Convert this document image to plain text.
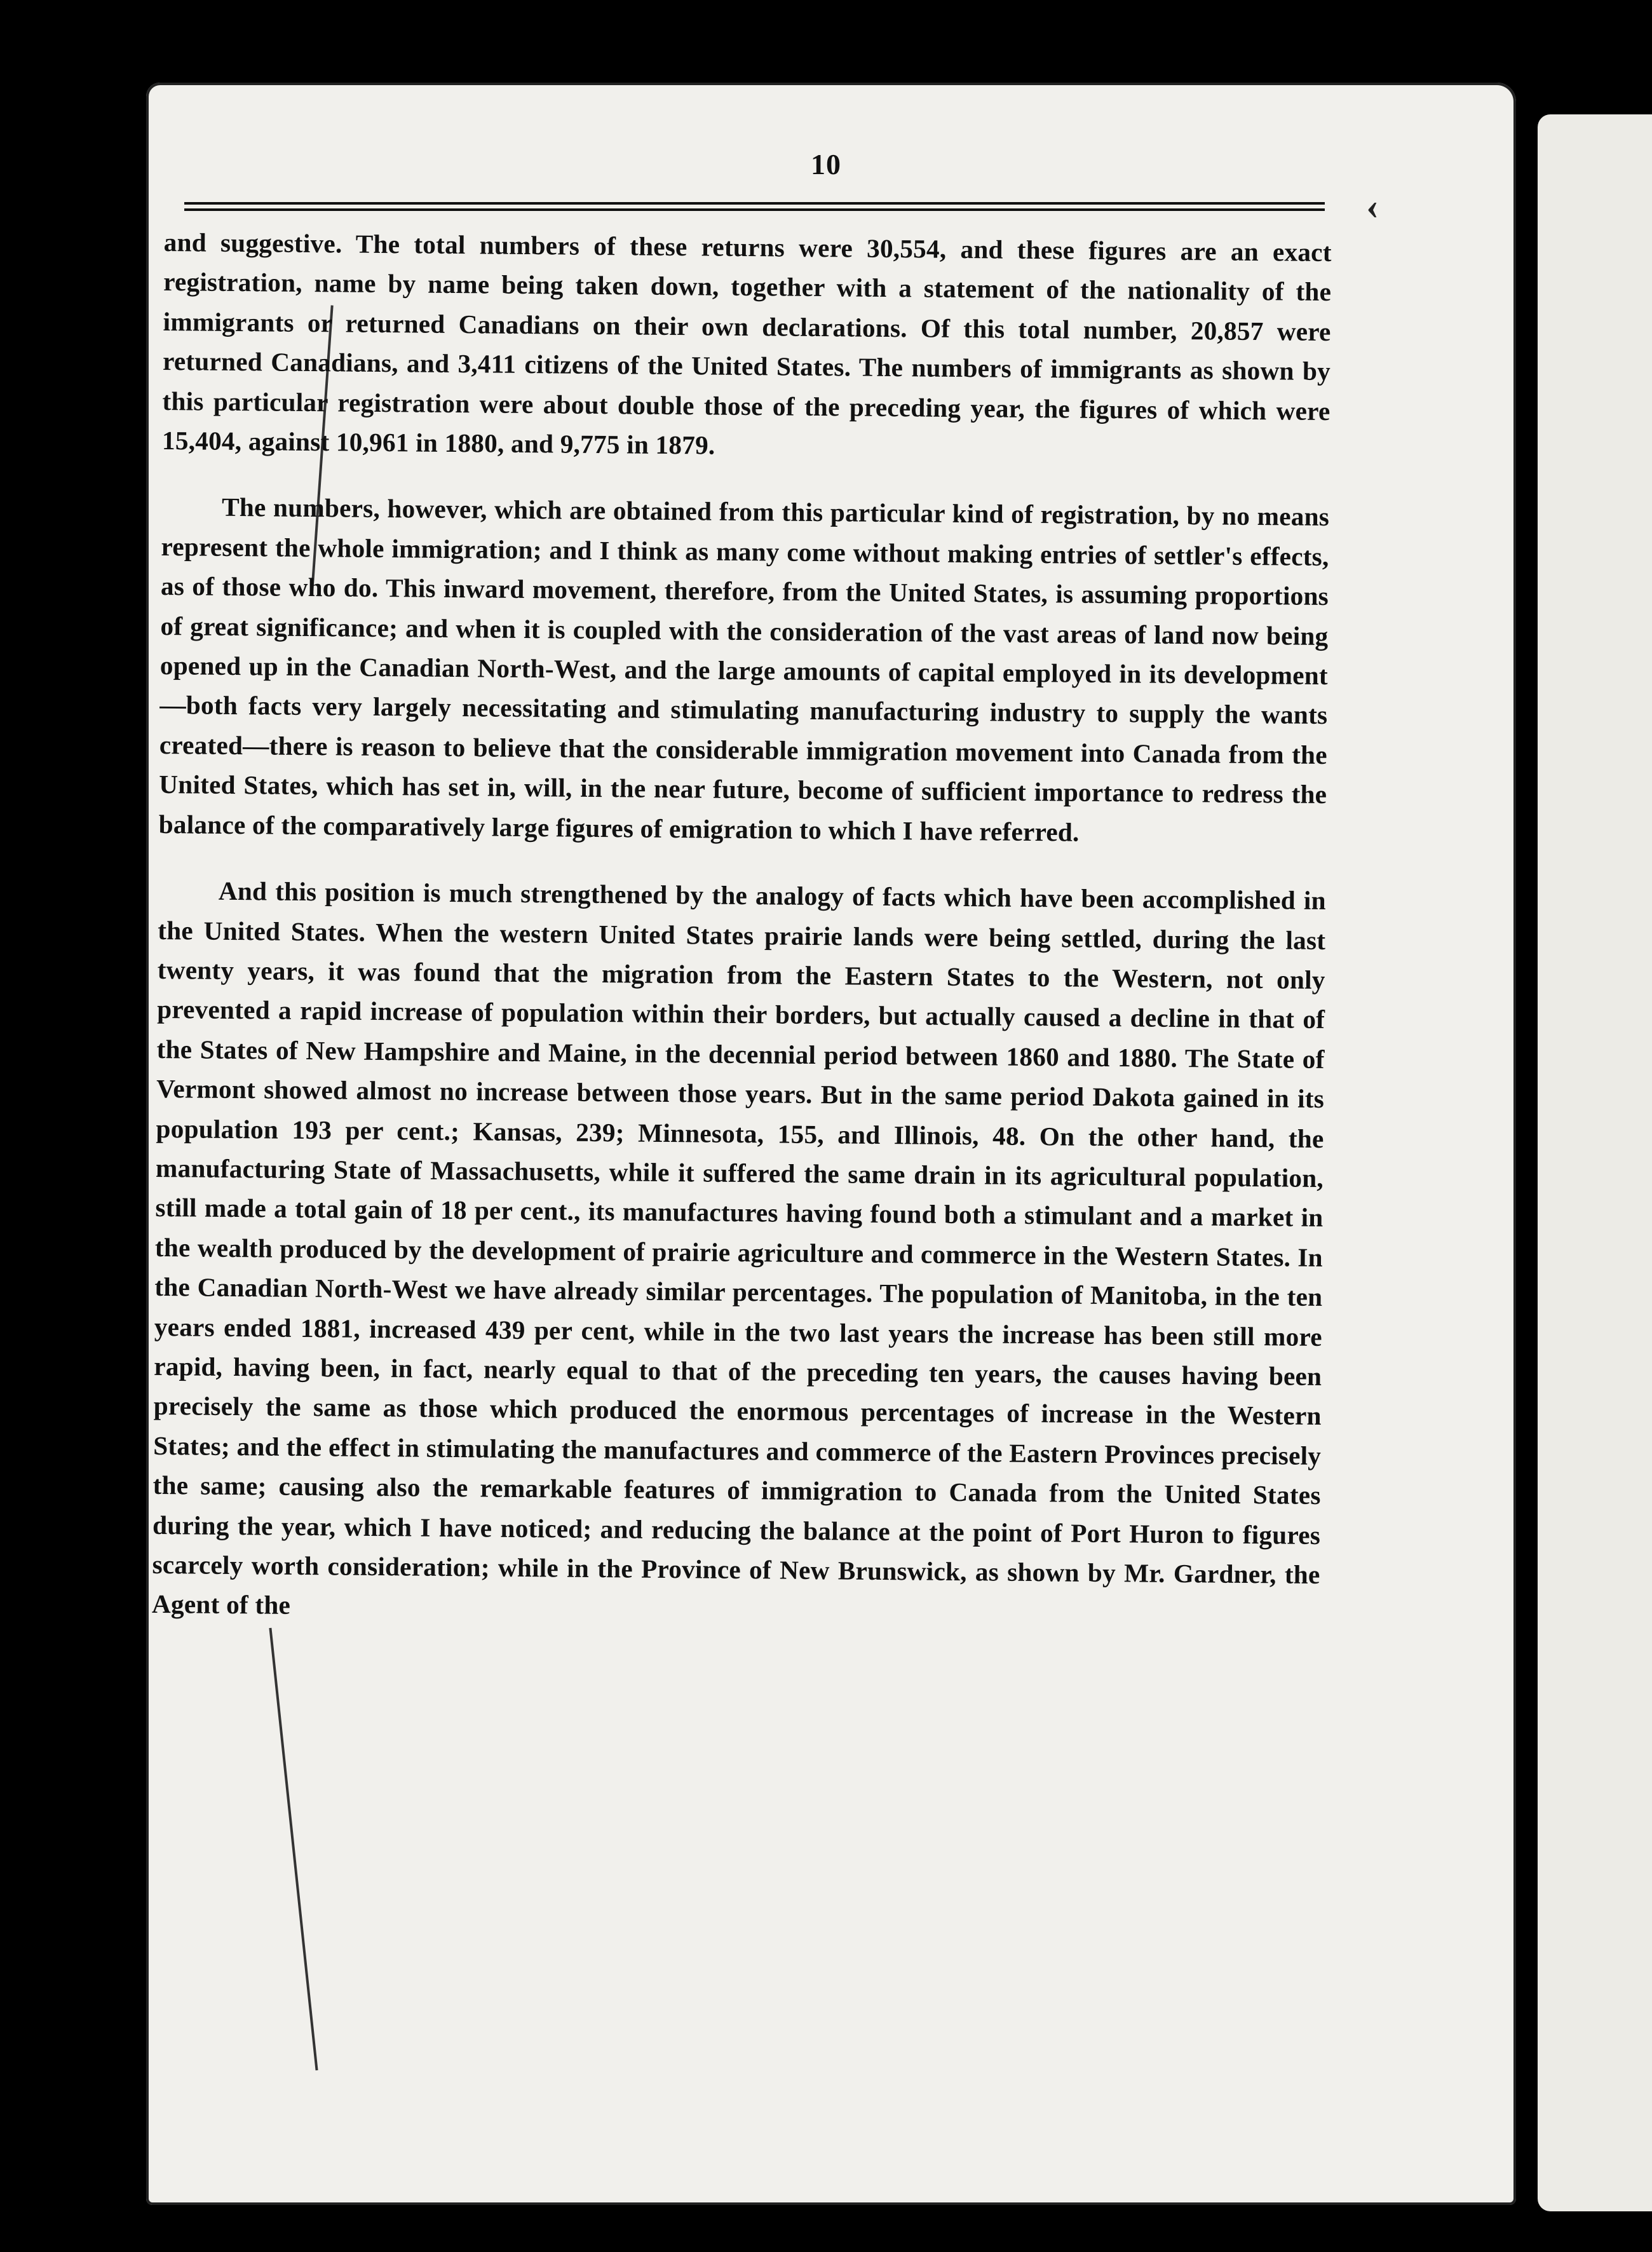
10
‹

and suggestive. The total numbers of these returns were 30,554, and these figures are an exact registration, name by name being taken down, together with a statement of the nationality of the immigrants or returned Canadians on their own declarations. Of this total number, 20,857 were returned Canadians, and 3,411 citizens of the United States. The numbers of immigrants as shown by this particular registration were about double those of the preceding year, the figures of which were 15,404, against 10,961 in 1880, and 9,775 in 1879.

The numbers, however, which are obtained from this particular kind of registration, by no means represent the whole immigration; and I think as many come without making entries of settler's effects, as of those who do. This inward movement, therefore, from the United States, is assuming proportions of great significance; and when it is coupled with the consideration of the vast areas of land now being opened up in the Canadian North-West, and the large amounts of capital employed in its development—both facts very largely necessitating and stimulating manufacturing industry to supply the wants created—there is reason to believe that the considerable immigration movement into Canada from the United States, which has set in, will, in the near future, become of sufficient importance to redress the balance of the comparatively large figures of emigration to which I have referred.

And this position is much strengthened by the analogy of facts which have been accomplished in the United States. When the western United States prairie lands were being settled, during the last twenty years, it was found that the migration from the Eastern States to the Western, not only prevented a rapid increase of population within their borders, but actually caused a decline in that of the States of New Hampshire and Maine, in the decennial period between 1860 and 1880. The State of Vermont showed almost no increase between those years. But in the same period Dakota gained in its population 193 per cent.; Kansas, 239; Minnesota, 155, and Illinois, 48. On the other hand, the manufacturing State of Massachusetts, while it suffered the same drain in its agricultural population, still made a total gain of 18 per cent., its manufactures having found both a stimulant and a market in the wealth produced by the development of prairie agriculture and commerce in the Western States. In the Canadian North-West we have already similar percentages. The population of Manitoba, in the ten years ended 1881, increased 439 per cent, while in the two last years the increase has been still more rapid, having been, in fact, nearly equal to that of the preceding ten years, the causes having been precisely the same as those which produced the enormous percentages of increase in the Western States; and the effect in stimulating the manufactures and commerce of the Eastern Provinces precisely the same; causing also the remarkable features of immigration to Canada from the United States during the year, which I have noticed; and reducing the balance at the point of Port Huron to figures scarcely worth consideration; while in the Province of New Brunswick, as shown by Mr. Gardner, the Agent of the
